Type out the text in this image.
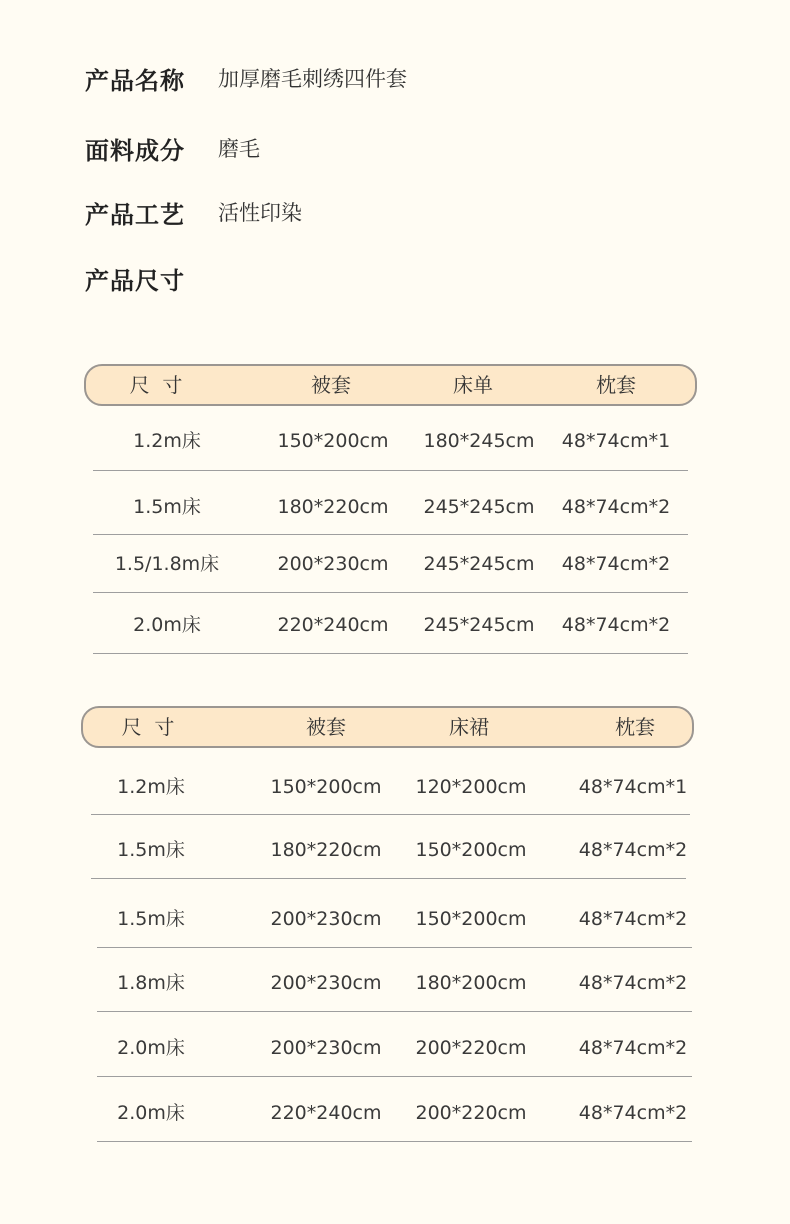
产品名称	加厚磨毛刺绣四件套
面料成分	磨毛
产品工艺	活性印染
产品尺寸
尺  寸	被套	床单	枕套
1.2m床	150*200cm	180*245cm	48*74cm*1
1.5m床	180*220cm	245*245cm	48*74cm*2
1.5/1.8m床	200*230cm	245*245cm	48*74cm*2
2.0m床	220*240cm	245*245cm	48*74cm*2
尺  寸	被套	床裙	枕套
1.2m床	150*200cm	120*200cm	48*74cm*1
1.5m床	180*220cm	150*200cm	48*74cm*2
1.5m床	200*230cm	150*200cm	48*74cm*2
1.8m床	200*230cm	180*200cm	48*74cm*2
2.0m床	200*230cm	200*220cm	48*74cm*2
2.0m床	220*240cm	200*220cm	48*74cm*2
